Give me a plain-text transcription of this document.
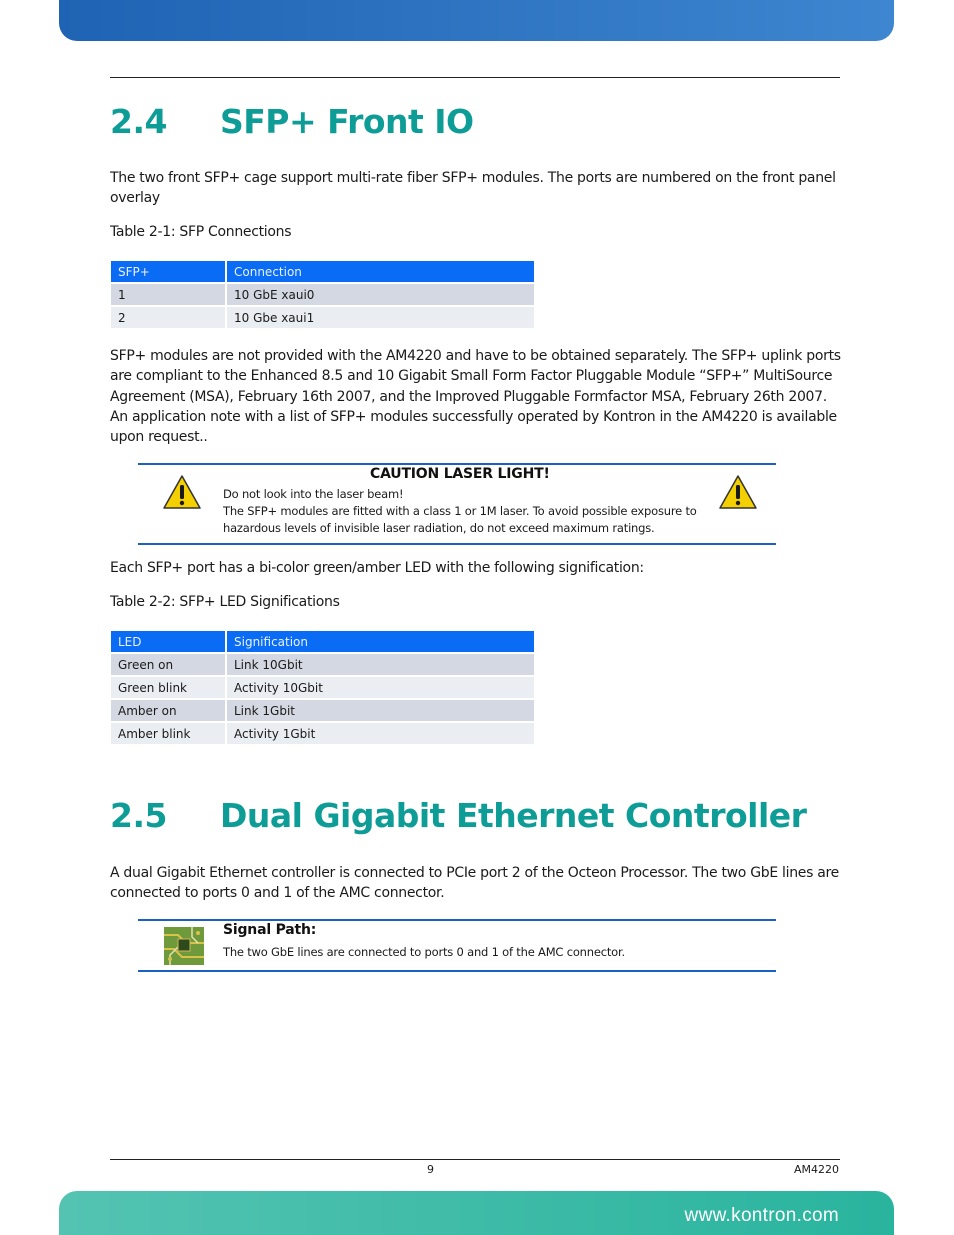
2.4 SFP+ Front IO

The two front SFP+ cage support multi-rate fiber SFP+ modules. The ports are numbered on the front panel overlay

Table 2-1: SFP Connections

SFP+	Connection
1	10 GbE xaui0
2	10 Gbe xaui1

SFP+ modules are not provided with the AM4220 and have to be obtained separately. The SFP+ uplink ports are compliant to the Enhanced 8.5 and 10 Gigabit Small Form Factor Pluggable Module “SFP+” MultiSource Agreement (MSA), February 16th 2007, and the Improved Pluggable Formfactor MSA, February 26th 2007. An application note with a list of SFP+ modules successfully operated by Kontron in the AM4220 is available upon request..

CAUTION LASER LIGHT!
Do not look into the laser beam!
The SFP+ modules are fitted with a class 1 or 1M laser. To avoid possible exposure to
hazardous levels of invisible laser radiation, do not exceed maximum ratings.

Each SFP+ port has a bi-color green/amber LED with the following signification:

Table 2-2: SFP+ LED Significations

LED	Signification
Green on	Link 10Gbit
Green blink	Activity 10Gbit
Amber on	Link 1Gbit
Amber blink	Activity 1Gbit
2.5 Dual Gigabit Ethernet Controller

A dual Gigabit Ethernet controller is connected to PCIe port 2 of the Octeon Processor. The two GbE lines are connected to ports 0 and 1 of the AMC connector.

Signal Path:
The two GbE lines are connected to ports 0 and 1 of the AMC connector.
9	AM4220
www.kontron.com
